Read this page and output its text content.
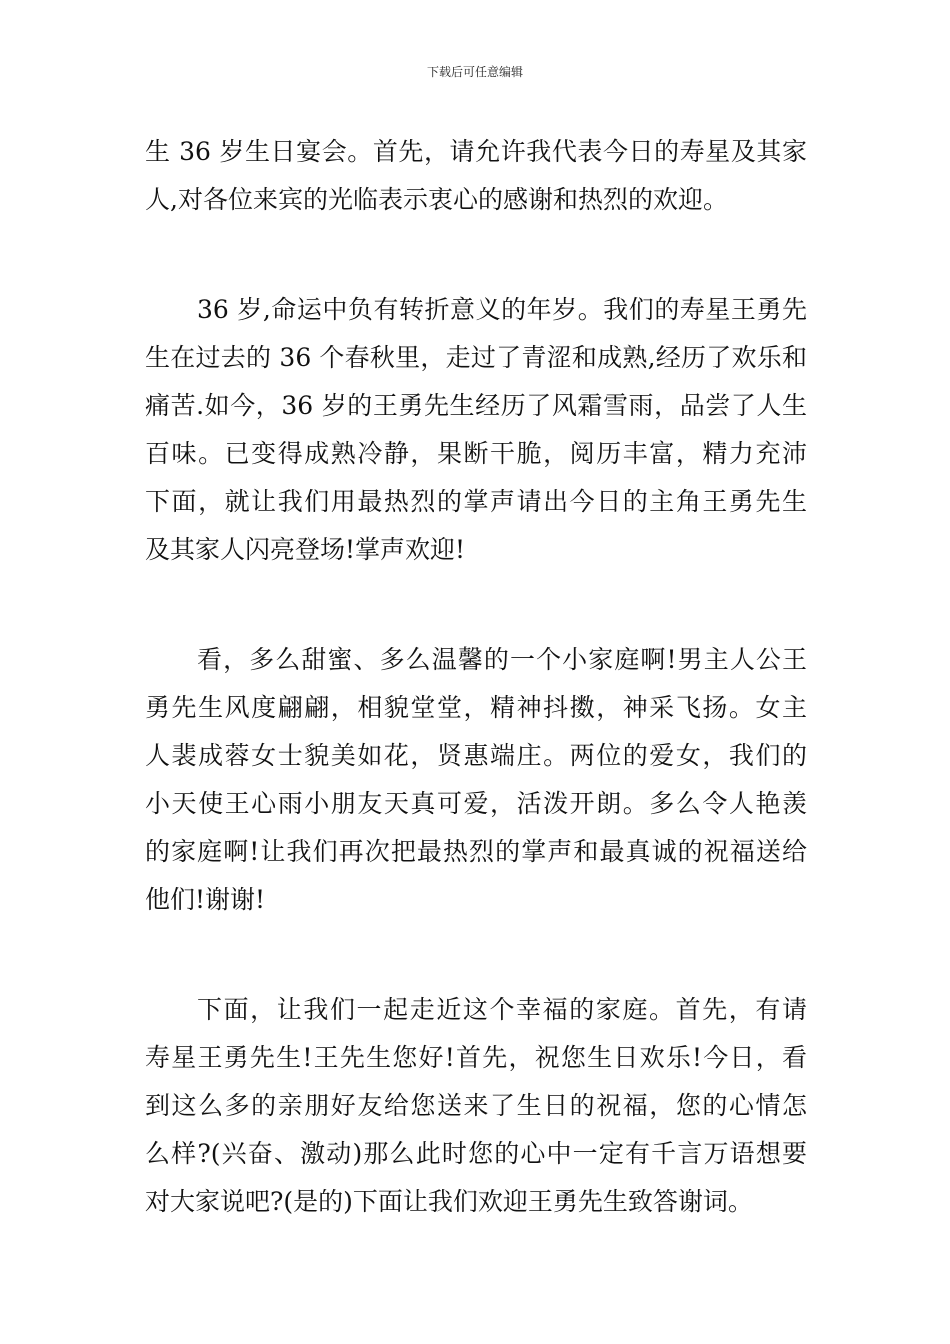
下载后可任意编辑
生 36 岁生日宴会。首先，请允许我代表今日的寿星及其家
人,对各位来宾的光临表示衷心的感谢和热烈的欢迎。
36 岁,命运中负有转折意义的年岁。我们的寿星王勇先
生在过去的 36 个春秋里，走过了青涩和成熟,经历了欢乐和
痛苦.如今，36 岁的王勇先生经历了风霜雪雨，品尝了人生
百味。已变得成熟冷静，果断干脆，阅历丰富，精力充沛
下面，就让我们用最热烈的掌声请出今日的主角王勇先生
及其家人闪亮登场!掌声欢迎!
看，多么甜蜜、多么温馨的一个小家庭啊!男主人公王
勇先生风度翩翩，相貌堂堂，精神抖擞，神采飞扬。女主
人裴成蓉女士貌美如花，贤惠端庄。两位的爱女，我们的
小天使王心雨小朋友天真可爱，活泼开朗。多么令人艳羡
的家庭啊!让我们再次把最热烈的掌声和最真诚的祝福送给
他们!谢谢!
下面，让我们一起走近这个幸福的家庭。首先，有请
寿星王勇先生!王先生您好!首先，祝您生日欢乐!今日，看
到这么多的亲朋好友给您送来了生日的祝福，您的心情怎
么样?(兴奋、激动)那么此时您的心中一定有千言万语想要
对大家说吧?(是的)下面让我们欢迎王勇先生致答谢词。
